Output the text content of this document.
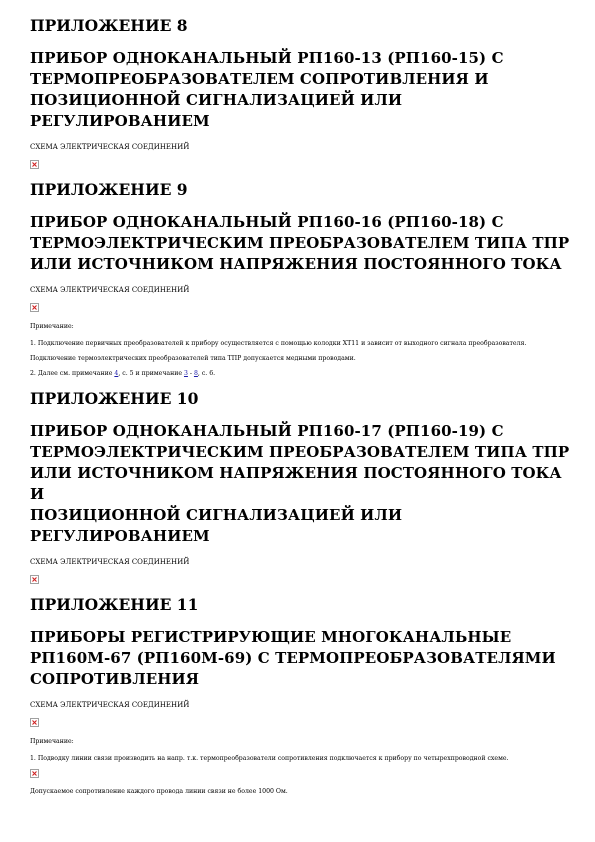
ПРИЛОЖЕНИЕ 8
ПРИБОР ОДНОКАНАЛЬНЫЙ РП160-13 (РП160-15) С
ТЕРМОПРЕОБРАЗОВАТЕЛЕМ СОПРОТИВЛЕНИЯ И
ПОЗИЦИОННОЙ СИГНАЛИЗАЦИЕЙ ИЛИ РЕГУЛИРОВАНИЕМ

СХЕМА ЭЛЕКТРИЧЕСКАЯ СОЕДИНЕНИЙ

ПРИЛОЖЕНИЕ 9
ПРИБОР ОДНОКАНАЛЬНЫЙ РП160-16 (РП160-18) С
ТЕРМОЭЛЕКТРИЧЕСКИМ ПРЕОБРАЗОВАТЕЛЕМ ТИПА ТПР
ИЛИ ИСТОЧНИКОМ НАПРЯЖЕНИЯ ПОСТОЯННОГО ТОКА

СХЕМА ЭЛЕКТРИЧЕСКАЯ СОЕДИНЕНИЙ

Примечание:

1. Подключение первичных преобразователей к прибору осуществляется с помощью колодки ХТ11 и зависит от выходного сигнала преобразователя.

Подключение термоэлектрических преобразователей типа ТПР допускается медными проводами.

2. Далее см. примечание 4, с. 5 и примечание 3 - 8, с. 6.

ПРИЛОЖЕНИЕ 10
ПРИБОР ОДНОКАНАЛЬНЫЙ РП160-17 (РП160-19) С
ТЕРМОЭЛЕКТРИЧЕСКИМ ПРЕОБРАЗОВАТЕЛЕМ ТИПА ТПР
ИЛИ ИСТОЧНИКОМ НАПРЯЖЕНИЯ ПОСТОЯННОГО ТОКА И
ПОЗИЦИОННОЙ СИГНАЛИЗАЦИЕЙ ИЛИ РЕГУЛИРОВАНИЕМ

СХЕМА ЭЛЕКТРИЧЕСКАЯ СОЕДИНЕНИЙ

ПРИЛОЖЕНИЕ 11
ПРИБОРЫ РЕГИСТРИРУЮЩИЕ МНОГОКАНАЛЬНЫЕ
РП160М-67 (РП160М-69) С ТЕРМОПРЕОБРАЗОВАТЕЛЯМИ
СОПРОТИВЛЕНИЯ

СХЕМА ЭЛЕКТРИЧЕСКАЯ СОЕДИНЕНИЙ

Примечание:

1. Подводку линии связи производить на напр. т.к. термопреобразователи сопротивления подключается к прибору по четырехпроводной схеме.

Допускаемое сопротивление каждого провода линии связи не более 1000 Ом.
